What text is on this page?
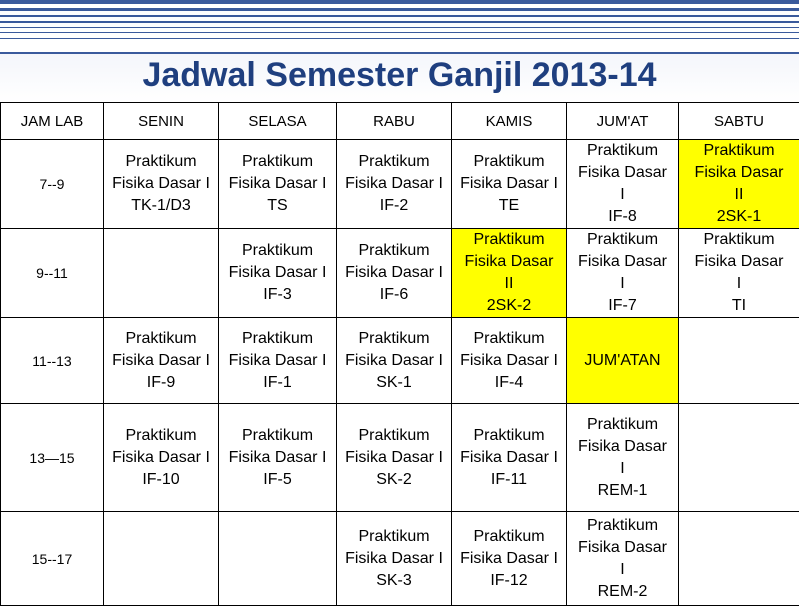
Jadwal Semester Ganjil 2013-14
JAM LAB	SENIN	SELASA	RABU	KAMIS	JUM'AT	SABTU
7--9	Praktikum
Fisika Dasar I
TK-1/D3	Praktikum
Fisika Dasar I
TS	Praktikum
Fisika Dasar I
IF-2	Praktikum
Fisika Dasar I
TE	Praktikum
Fisika Dasar
I
IF-8	Praktikum
Fisika Dasar
II
2SK-1

9--11		Praktikum
Fisika Dasar I
IF-3	Praktikum
Fisika Dasar I
IF-6	Praktikum
Fisika Dasar
II
2SK-2	Praktikum
Fisika Dasar
I
IF-7	Praktikum
Fisika Dasar
I
TI

11--13	Praktikum
Fisika Dasar I
IF-9	Praktikum
Fisika Dasar I
IF-1	Praktikum
Fisika Dasar I
SK-1	Praktikum
Fisika Dasar I
IF-4	JUM'ATAN	

13—15	Praktikum
Fisika Dasar I
IF-10	Praktikum
Fisika Dasar I
IF-5	Praktikum
Fisika Dasar I
SK-2	Praktikum
Fisika Dasar I
IF-11	Praktikum
Fisika Dasar
I
REM-1	

15--17			Praktikum
Fisika Dasar I
SK-3	Praktikum
Fisika Dasar I
IF-12	Praktikum
Fisika Dasar
I
REM-2	
